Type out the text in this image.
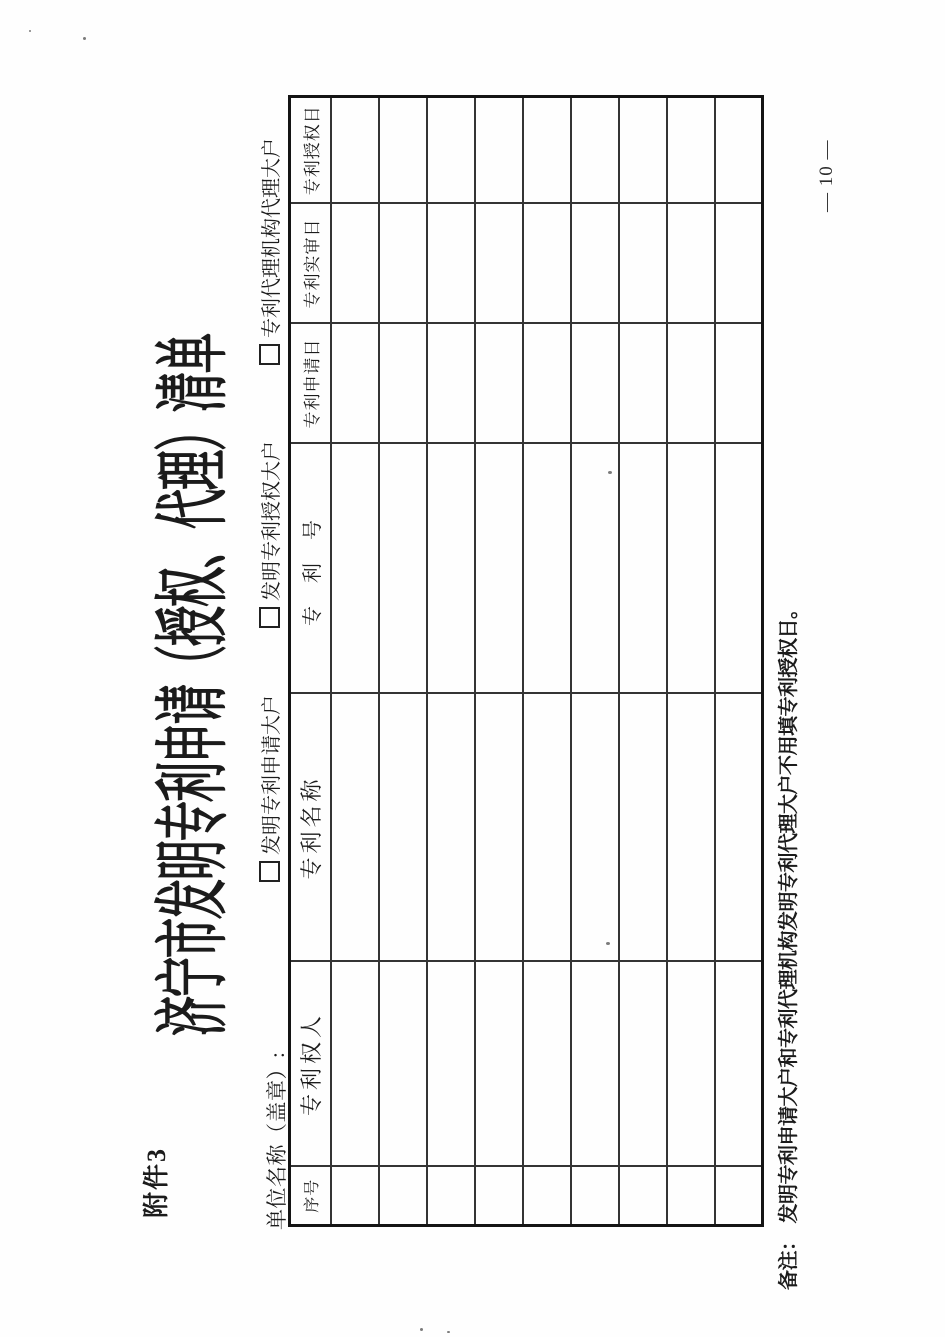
附件3
济宁市发明专利申请（授权、代理）清单
单位名称（盖章）:
发明专利申请大户
发明专利授权大户
专利代理机构代理大户
序号	专利权人	专利名称	专 利 号	专利申请日	专利实审日	专利授权日

备注：发明专利申请大户和专利代理机构发明专利代理大户不用填专利授权日。
— 10 —
